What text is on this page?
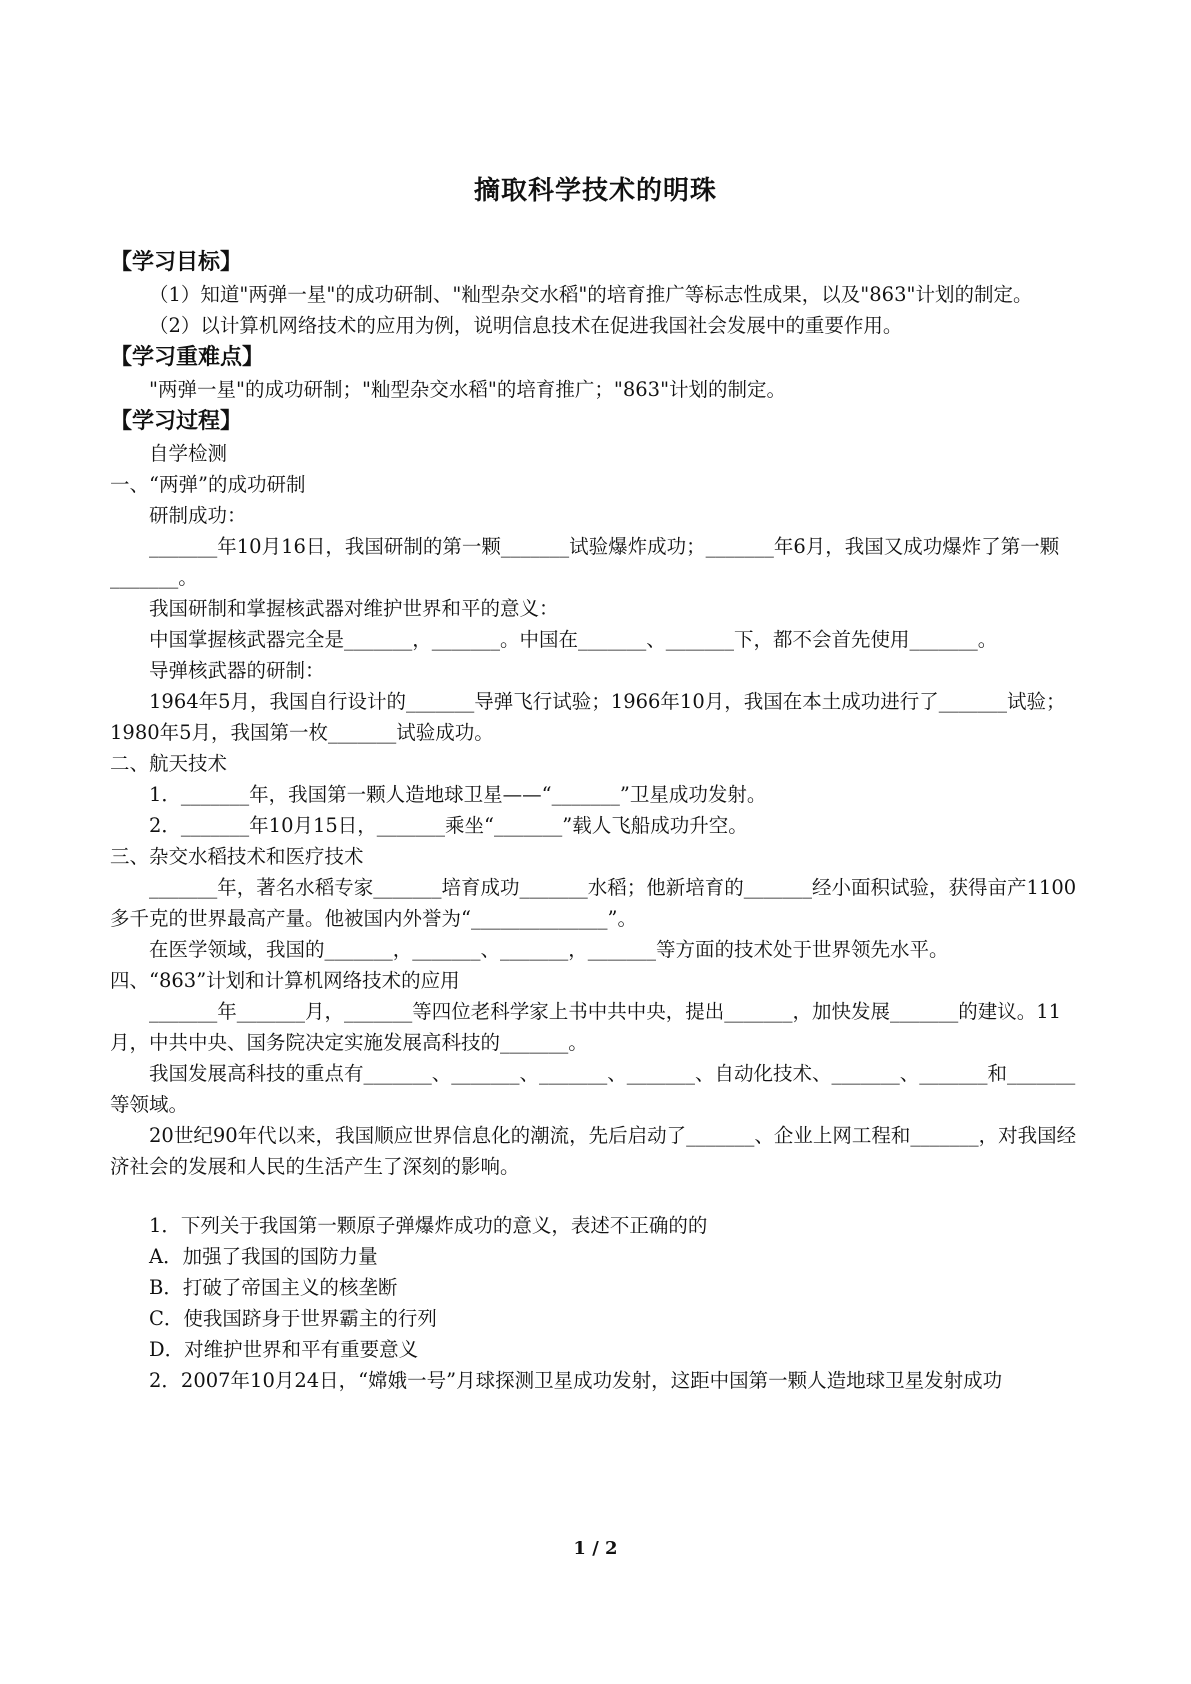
摘取科学技术的明珠

【学习目标】

（1）知道"两弹一星"的成功研制、"籼型杂交水稻"的培育推广等标志性成果，以及"863"计划的制定。

（2）以计算机网络技术的应用为例，说明信息技术在促进我国社会发展中的重要作用。

【学习重难点】

"两弹一星"的成功研制；"籼型杂交水稻"的培育推广；"863"计划的制定。

【学习过程】

自学检测

一、“两弹”的成功研制

研制成功：

_______年10月16日，我国研制的第一颗_______试验爆炸成功；_______年6月，我国又成功爆炸了第一颗_______。

我国研制和掌握核武器对维护世界和平的意义：

中国掌握核武器完全是_______，_______。中国在_______、_______下，都不会首先使用_______。

导弹核武器的研制：

1964年5月，我国自行设计的_______导弹飞行试验；1966年10月，我国在本土成功进行了_______试验；1980年5月，我国第一枚_______试验成功。

二、航天技术

1．_______年，我国第一颗人造地球卫星——“_______”卫星成功发射。

2．_______年10月15日，_______乘坐“_______”载人飞船成功升空。

三、杂交水稻技术和医疗技术

_______年，著名水稻专家_______培育成功_______水稻；他新培育的_______经小面积试验，获得亩产1100多千克的世界最高产量。他被国内外誉为“______________”。

在医学领域，我国的_______，_______、_______，_______等方面的技术处于世界领先水平。

四、“863”计划和计算机网络技术的应用

_______年_______月，_______等四位老科学家上书中共中央，提出_______，加快发展_______的建议。11月，中共中央、国务院决定实施发展高科技的_______。

我国发展高科技的重点有_______、_______、_______、_______、自动化技术、_______、_______和_______等领域。

20世纪90年代以来，我国顺应世界信息化的潮流，先后启动了_______、企业上网工程和_______，对我国经济社会的发展和人民的生活产生了深刻的影响。

1．下列关于我国第一颗原子弹爆炸成功的意义，表述不正确的的

A．加强了我国的国防力量

B．打破了帝国主义的核垄断

C．使我国跻身于世界霸主的行列

D．对维护世界和平有重要意义

2．2007年10月24日，“嫦娥一号”月球探测卫星成功发射，这距中国第一颗人造地球卫星发射成功

1 / 2
